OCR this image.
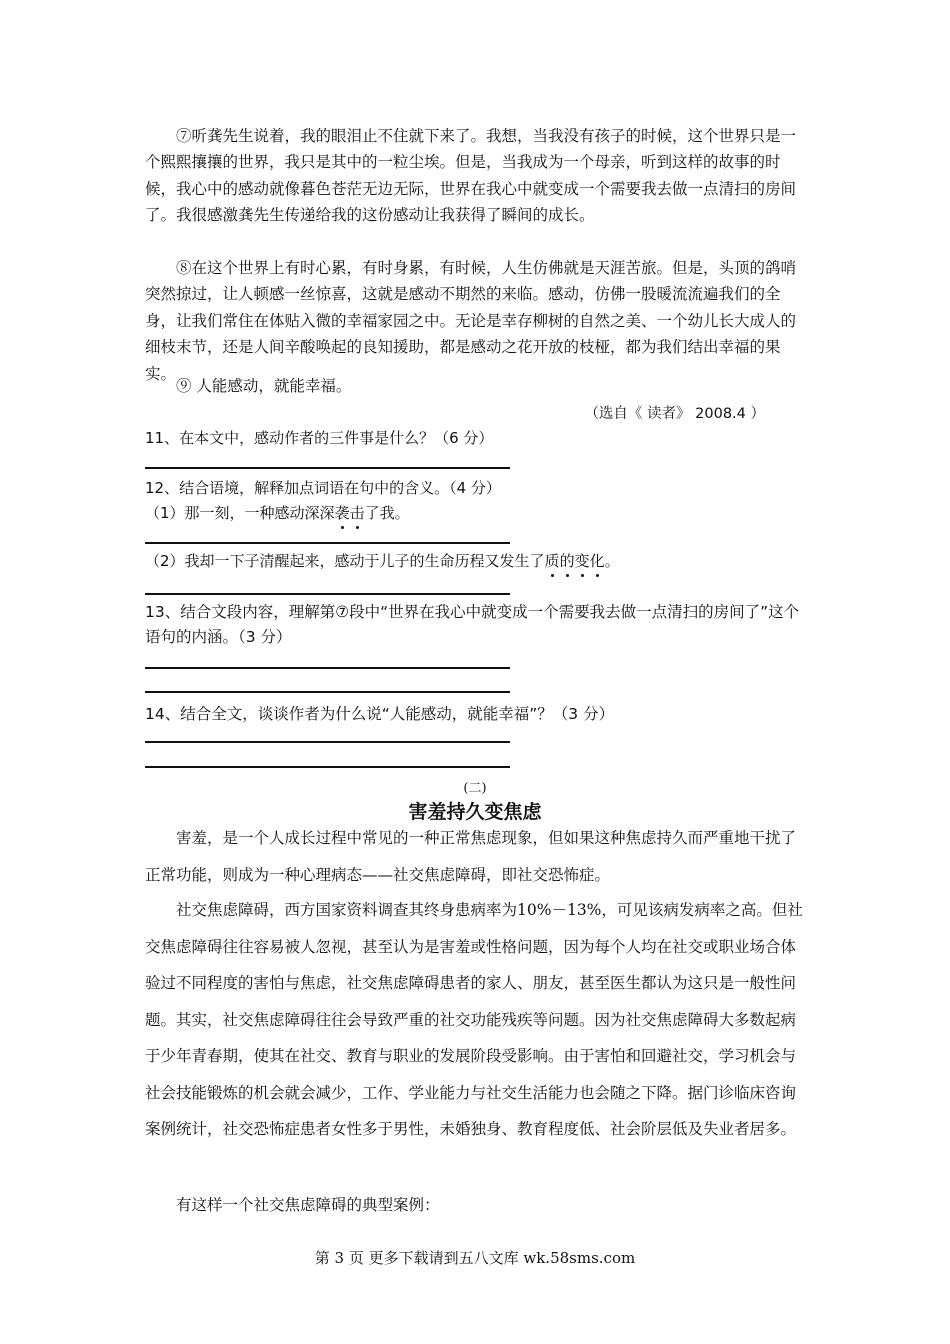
⑦听龚先生说着，我的眼泪止不住就下来了。我想，当我没有孩子的时候，这个世界只是一个熙熙攘攘的世界，我只是其中的一粒尘埃。但是，当我成为一个母亲，听到这样的故事的时候，我心中的感动就像暮色苍茫无边无际，世界在我心中就变成一个需要我去做一点清扫的房间了。我很感激龚先生传递给我的这份感动让我获得了瞬间的成长。

⑧在这个世界上有时心累，有时身累，有时候，人生仿佛就是天涯苦旅。但是，头顶的鸽哨突然掠过，让人顿感一丝惊喜，这就是感动不期然的来临。感动，仿佛一股暖流流遍我们的全身，让我们常住在体贴入微的幸福家园之中。无论是幸存柳树的自然之美、一个幼儿长大成人的细枝末节，还是人间辛酸唤起的良知援助，都是感动之花开放的枝桠，都为我们结出幸福的果实。

⑨ 人能感动，就能幸福。

（选自《 读者》 2008.4 ）
11、在本文中，感动作者的三件事是什么？（6 分）
12、结合语境，解释加点词语在句中的含义。（4 分）
（1）那一刻，一种感动深深袭击了我。
（2）我却一下子清醒起来，感动于儿子的生命历程又发生了质的变化。
13、结合文段内容，理解第⑦段中“世界在我心中就变成一个需要我去做一点清扫的房间了”这个语句的内涵。（3 分）
14、结合全文，谈谈作者为什么说“人能感动，就能幸福”？（3 分）
(二)
害羞持久变焦虑

害羞，是一个人成长过程中常见的一种正常焦虑现象，但如果这种焦虑持久而严重地干扰了正常功能，则成为一种心理病态——社交焦虑障碍，即社交恐怖症。

社交焦虑障碍，西方国家资料调查其终身患病率为10%－13%，可见该病发病率之高。但社交焦虑障碍往往容易被人忽视，甚至认为是害羞或性格问题，因为每个人均在社交或职业场合体验过不同程度的害怕与焦虑，社交焦虑障碍患者的家人、朋友，甚至医生都认为这只是一般性问题。其实，社交焦虑障碍往往会导致严重的社交功能残疾等问题。因为社交焦虑障碍大多数起病于少年青春期，使其在社交、教育与职业的发展阶段受影响。由于害怕和回避社交，学习机会与社会技能锻炼的机会就会减少，工作、学业能力与社交生活能力也会随之下降。据门诊临床咨询案例统计，社交恐怖症患者女性多于男性，未婚独身、教育程度低、社会阶层低及失业者居多。

有这样一个社交焦虑障碍的典型案例：

第 3 页 更多下载请到五八文库 wk.58sms.com
